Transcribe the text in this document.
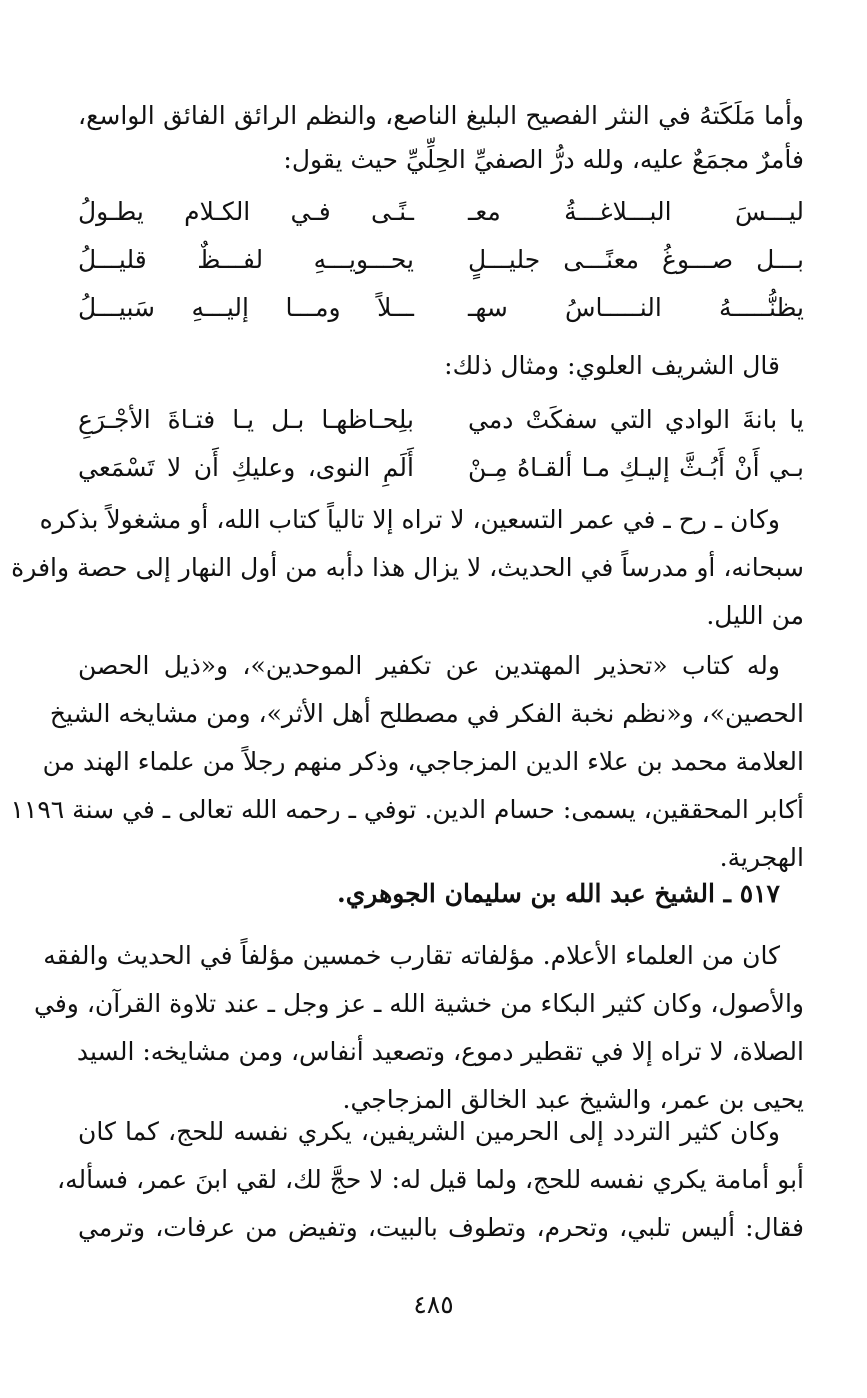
وأما مَلَكَتهُ في النثر الفصيح البليغ الناصع، والنظم الرائق الفائق الواسع،
فأمرٌ مجمَعٌ عليه، ولله درُّ الصفيِّ الحِلِّيِّ حيث يقول:
ليـــسَ البـــلاغـــةُ معـ
ـنًـى فـي الكـلام يطـولُ
بـــل صـــوغُ معنًـــى جليـــلٍ
يحـــويـــهِ لفـــظٌ قليـــلُ
يظنُّـــــهُ النـــــاسُ سهـ
ـــلاً ومـــا إليـــهِ سَبيـــلُ
قال الشريف العلوي: ومثال ذلك:
يا بانةَ الوادي التي سفكَتْ دمي
بلِحـاظهـا بـل يـا فتـاةَ الأجْـرَعِ
بـي أَنْ أَبُـثَّ إليـكِ مـا ألقـاهُ مِـنْ
أَلَمِ النوى، وعليكِ أَن لا تَسْمَعي
وكان ـ رح ـ في عمر التسعين، لا تراه إلا تالياً كتاب الله، أو مشغولاً بذكره
سبحانه، أو مدرساً في الحديث، لا يزال هذا دأبه من أول النهار إلى حصة وافرة
من الليل.
وله كتاب «تحذير المهتدين عن تكفير الموحدين»، و«ذيل الحصن
الحصين»، و«نظم نخبة الفكر في مصطلح أهل الأثر»، ومن مشايخه الشيخ
العلامة محمد بن علاء الدين المزجاجي، وذكر منهم رجلاً من علماء الهند من
أكابر المحققين، يسمى: حسام الدين. توفي ـ رحمه الله تعالى ـ في سنة ١١٩٦
الهجرية.
٥١٧ ـ الشيخ عبد الله بن سليمان الجوهري.
كان من العلماء الأعلام. مؤلفاته تقارب خمسين مؤلفاً في الحديث والفقه
والأصول، وكان كثير البكاء من خشية الله ـ عز وجل ـ عند تلاوة القرآن، وفي
الصلاة، لا تراه إلا في تقطير دموع، وتصعيد أنفاس، ومن مشايخه: السيد
يحيى بن عمر، والشيخ عبد الخالق المزجاجي.
وكان كثير التردد إلى الحرمين الشريفين، يكري نفسه للحج، كما كان
أبو أمامة يكري نفسه للحج، ولما قيل له: لا حجَّ لك، لقي ابنَ عمر، فسأله،
فقال: أليس تلبي، وتحرم، وتطوف بالبيت، وتفيض من عرفات، وترمي
٤٨٥
